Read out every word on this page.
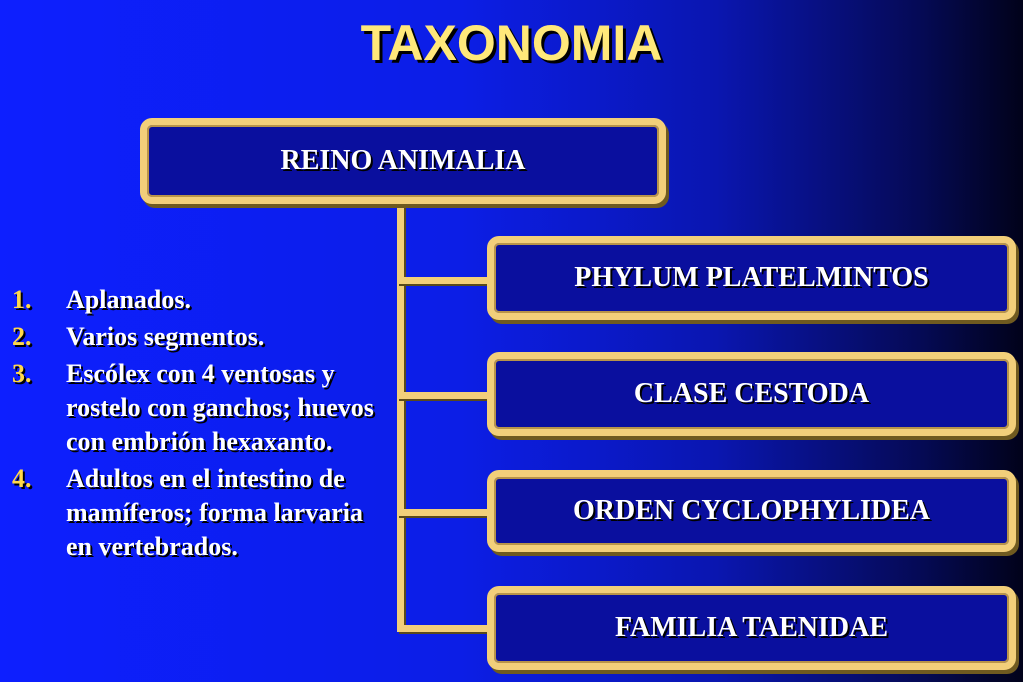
TAXONOMIA
REINO ANIMALIA
PHYLUM PLATELMINTOS
CLASE CESTODA
ORDEN CYCLOPHYLIDEA
FAMILIA TAENIDAE
1.	Aplanados.
2.	Varios segmentos.
3.	Escólex con 4 ventosas y rostelo con ganchos; huevos con embrión hexaxanto.
4.	Adultos en el intestino de mamíferos; forma larvaria en vertebrados.
